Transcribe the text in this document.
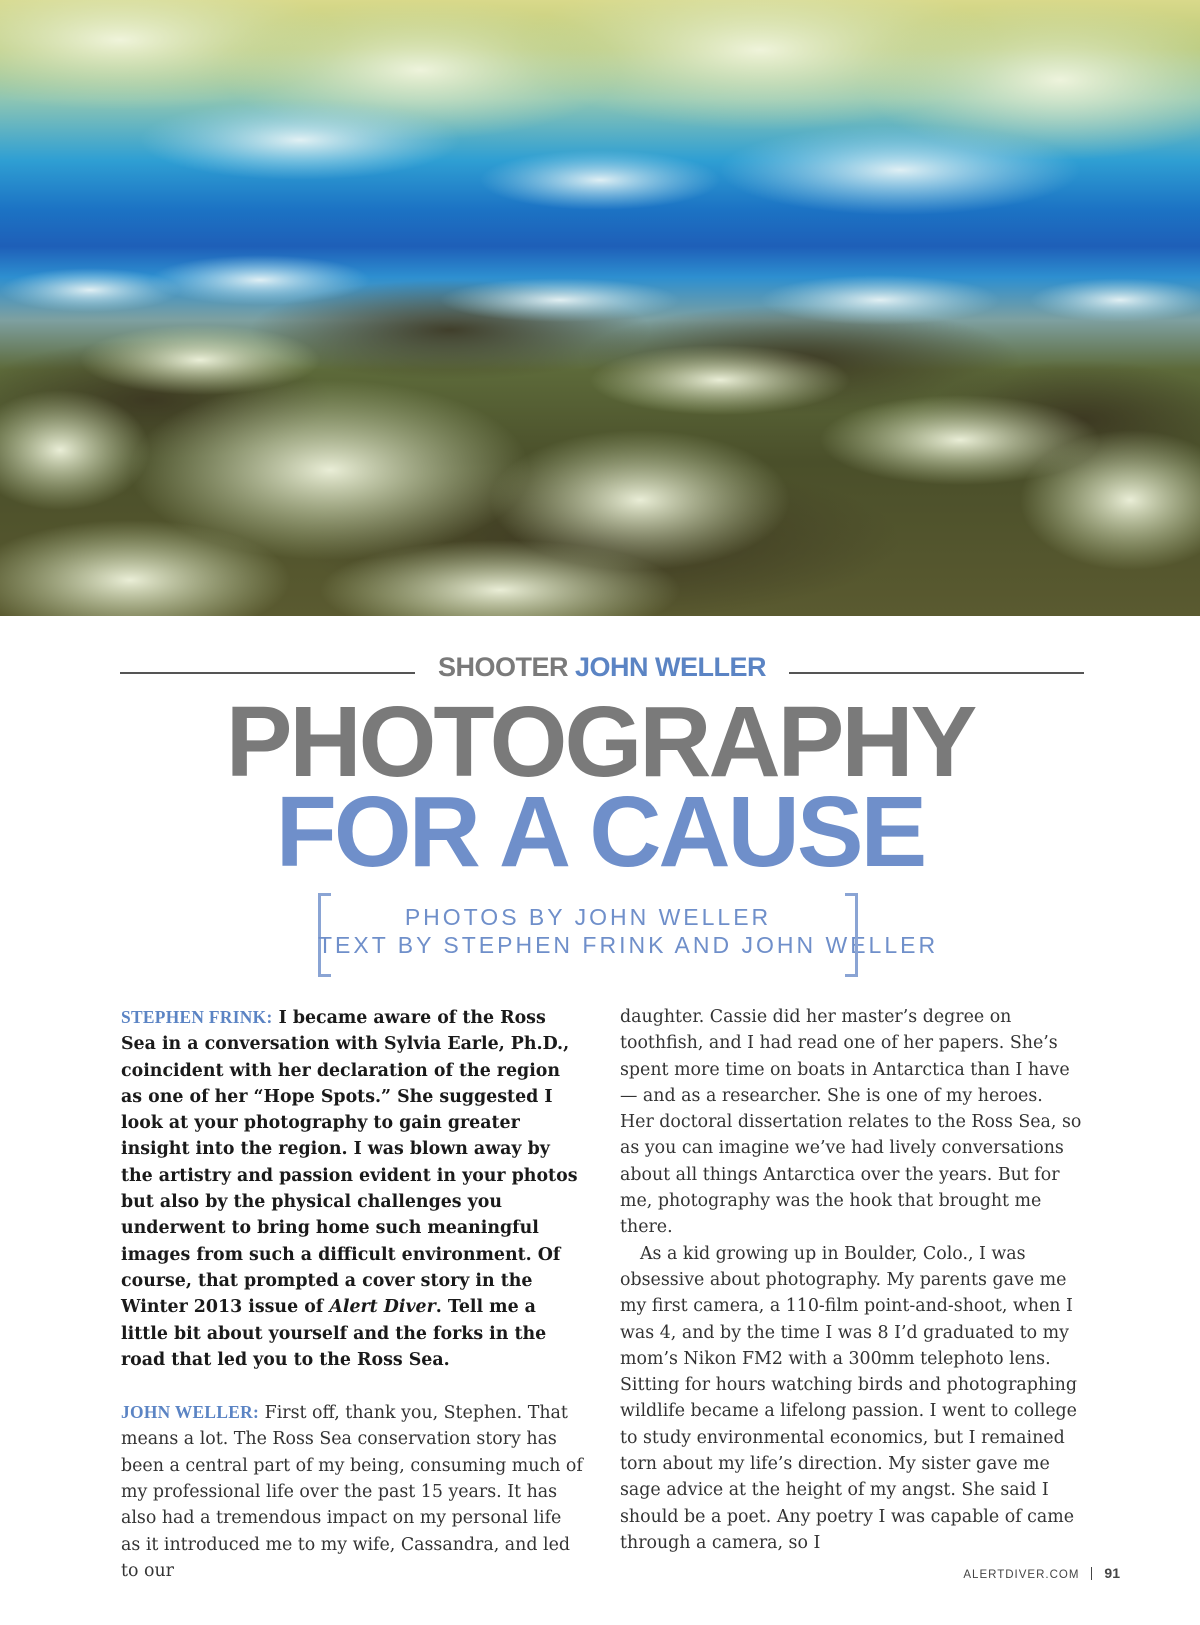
SHOOTER JOHN WELLER
PHOTOGRAPHY
FOR A CAUSE
PHOTOS BY JOHN WELLER
TEXT BY STEPHEN FRINK AND JOHN WELLER

STEPHEN FRINK: I became aware of the Ross Sea in a conversation with Sylvia Earle, Ph.D., coincident with her declaration of the region as one of her “Hope Spots.” She suggested I look at your photography to gain greater insight into the region. I was blown away by the artistry and passion evident in your photos but also by the physical challenges you underwent to bring home such meaningful images from such a difficult environment. Of course, that prompted a cover story in the Winter 2013 issue of Alert Diver. Tell me a little bit about yourself and the forks in the road that led you to the Ross Sea.

JOHN WELLER: First off, thank you, Stephen. That means a lot. The Ross Sea conservation story has been a central part of my being, consuming much of my professional life over the past 15 years. It has also had a tremendous impact on my personal life as it introduced me to my wife, Cassandra, and led to our

daughter. Cassie did her master’s degree on toothfish, and I had read one of her papers. She’s spent more time on boats in Antarctica than I have — and as a researcher. She is one of my heroes. Her doctoral dissertation relates to the Ross Sea, so as you can imagine we’ve had lively conversations about all things Antarctica over the years. But for me, photography was the hook that brought me there.

As a kid growing up in Boulder, Colo., I was obsessive about photography. My parents gave me my first camera, a 110-film point-and-shoot, when I was 4, and by the time I was 8 I’d graduated to my mom’s Nikon FM2 with a 300mm telephoto lens. Sitting for hours watching birds and photographing wildlife became a lifelong passion. I went to college to study environmental economics, but I remained torn about my life’s direction. My sister gave me sage advice at the height of my angst. She said I should be a poet. Any poetry I was capable of came through a camera, so I

ALERTDIVER.COM 91
